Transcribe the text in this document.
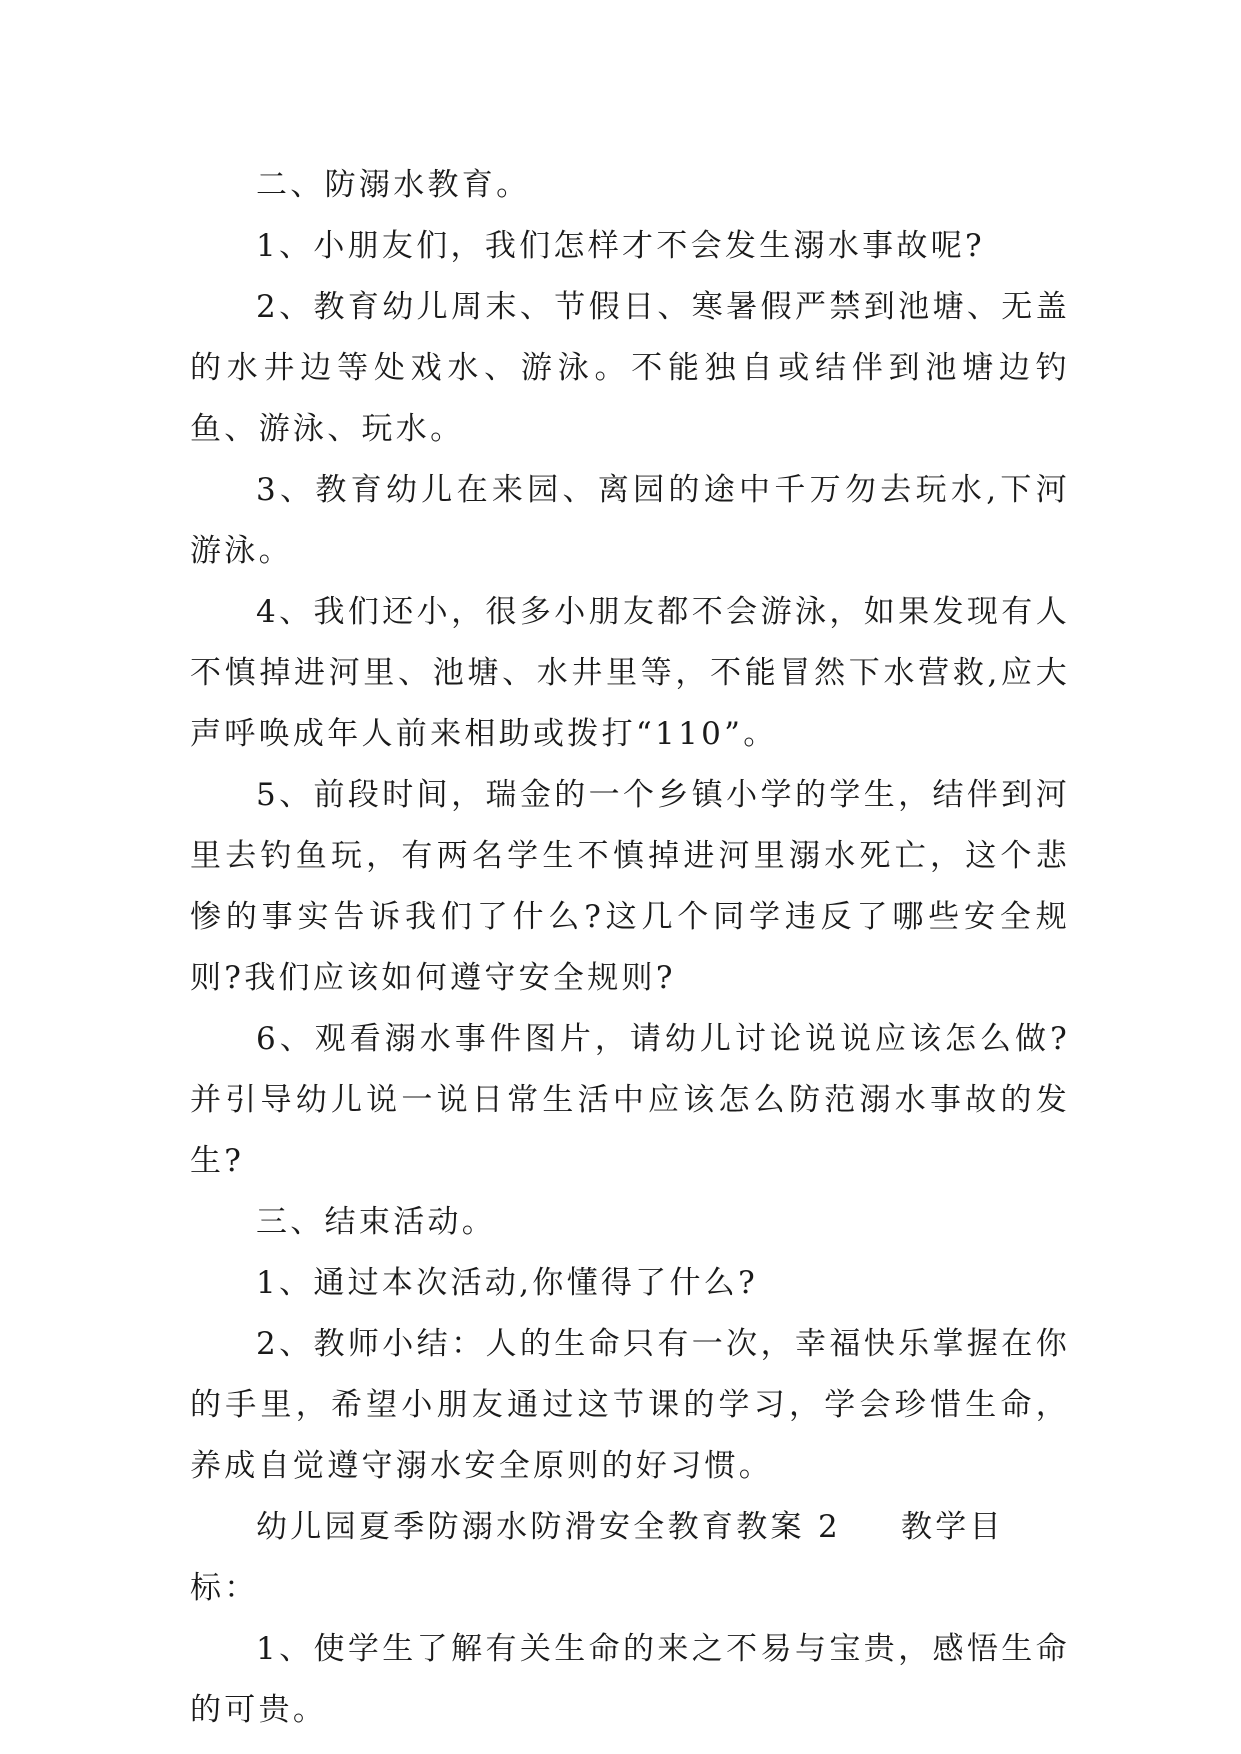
二、防溺水教育。

1、小朋友们，我们怎样才不会发生溺水事故呢?

2、教育幼儿周末、节假日、寒暑假严禁到池塘、无盖的水井边等处戏水、游泳。不能独自或结伴到池塘边钓鱼、游泳、玩水。

3、教育幼儿在来园、离园的途中千万勿去玩水,下河游泳。

4、我们还小，很多小朋友都不会游泳，如果发现有人不慎掉进河里、池塘、水井里等，不能冒然下水营救,应大声呼唤成年人前来相助或拨打“110”。

5、前段时间，瑞金的一个乡镇小学的学生，结伴到河里去钓鱼玩，有两名学生不慎掉进河里溺水死亡，这个悲惨的事实告诉我们了什么?这几个同学违反了哪些安全规则?我们应该如何遵守安全规则?

6、观看溺水事件图片，请幼儿讨论说说应该怎么做?并引导幼儿说一说日常生活中应该怎么防范溺水事故的发生?

三、结束活动。

1、通过本次活动,你懂得了什么?

2、教师小结：人的生命只有一次，幸福快乐掌握在你的手里，希望小朋友通过这节课的学习，学会珍惜生命，养成自觉遵守溺水安全原则的好习惯。

幼儿园夏季防溺水防滑安全教育教案 2 教学目标：

1、使学生了解有关生命的来之不易与宝贵，感悟生命的可贵。
